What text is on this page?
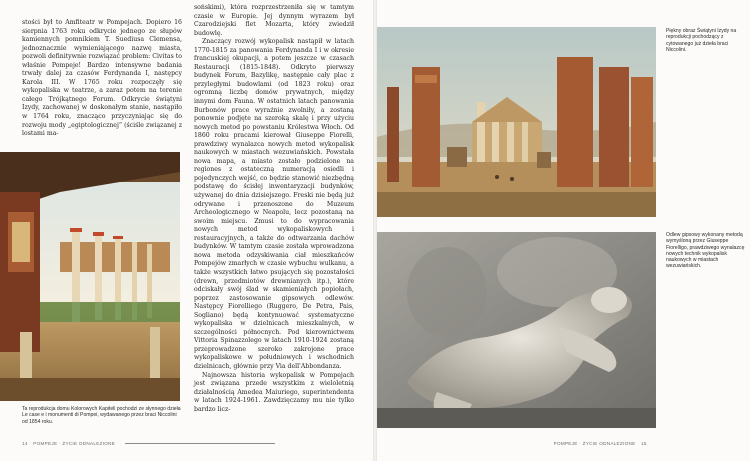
stości był to Amfiteatr w Pompejach. Dopiero 16 sierpnia 1763 roku odkrycie jednego ze słupów kamiennych pomnikiem T. Suediusa Clemensa, jednoznacznie wymieniającego nazwę miasta, pozwoli definitywnie rozwiązać problem: Civitas to właśnie Pompeje! Bardzo intensywne badania trwały dalej za czasów Ferdynanda I, następcy Karola III. W 1765 roku rozpoczęły się wykopaliska w teatrze, a zaraz potem na terenie całego Trójkątnego Forum. Odkrycie świątyni Izydy, zachowanej w doskonałym stanie, nastąpiło w 1764 roku, znacząco przyczyniając się do rozwoju mody „egiptologicznej” (ściśle związanej z lostami ma-

Ta reprodukcja domu Kolorowych Kapiteli pochodzi ze słynnego dzieła Le case e i monumenti di Pompei, wydawanego przez braci Niccolini od 1854 roku.

sońskimi), która rozprzestrzeniła się w tamtym czasie w Europie. Jej dynnym wyrazem był Czarodziejski flet Mozarta, który zwiedził budowlę.

Znaczący rozwój wykopalisk nastąpił w latach 1770-1815 za panowania Ferdynanda I i w okresie francuskiej okupacji, a potem jeszcze w czasach Restauracji (1815-1848). Odkryto pierwszy budynek Forum, Bazylikę, następnie cały plac z przyległymi budowlami (od 1823 roku) oraz ogromną liczbę domów prywatnych, między innymi dom Fauna. W ostatnich latach panowania Burbonów prace wyraźnie zwolniły, a zostaną ponownie podjęte na szeroką skalę i przy użyciu nowych metod po powstaniu Królestwa Włoch. Od 1860 roku pracami kierował Giuseppe Fiorelli, prawdziwy wynalazca nowych metod wykopalisk naukowych w miastach wezuwiańskich. Powstała nowa mapa, a miasto zostało podzielone na regiones z ostateczną numeracją osiedli i pojedynczych wejść, co będzie stanowić niezbędną podstawę do ścisłej inwentaryzacji budynków, używanej do dnia dzisiejszego. Freski nie będą już odrywane i przenoszone do Muzeum Archeologicznego w Neapolu, lecz pozostaną na swoim miejscu. Zmusi to do wypracowania nowych metod wykopaliskowych i restauracyjnych, a także do odtwarzania dachów budynków. W tamtym czasie została wprowadzona nowa metoda odzyskiwania ciał mieszkańców Pompejów zmarłych w czasie wybuchu wulkanu, a także wszystkich łatwo psujących się pozostałości (drewn, przedmiotów drewnianych itp.), które odciskały swój ślad w skamieniałych popiołach, poprzez zastosowanie gipsowych odlewów. Następcy Fiorelliego (Ruggero, De Petra, Pais, Sogliano) będą kontynuować systematyczne wykopaliska w dzielnicach mieszkalnych, w szczególności północnych. Pod kierownictwem Vittoria Spinazzolego w latach 1910-1924 zostaną przeprowadzone szeroko zakrojone prace wykopaliskowe w południowych i wschodnich dzielnicach, głównie przy Via dell'Abbondanza.

Najnowsza historia wykopalisk w Pompejach jest związana przede wszystkim z wieloletnią działalnością Amedea Maiuriego, superintendenta w latach 1924-1961. Zawdzięczamy mu nie tylko bardzo licz-

14 POMPEJE · ŻYCIE ODNALEZIONE
Piękny obraz Świątyni Izydy na reprodukcji pochodzący z cytowanego już dzieła braci Niccolini.
Odlew gipsowy wykonany metodą wymyśloną przez Giuseppe Fiorelligo, prawdziwego wynalazcę nowych technik wykopalisk naukowych w miastach wezuwiańskich.
POMPEJE · ŻYCIE ODNALEZIONE 15
